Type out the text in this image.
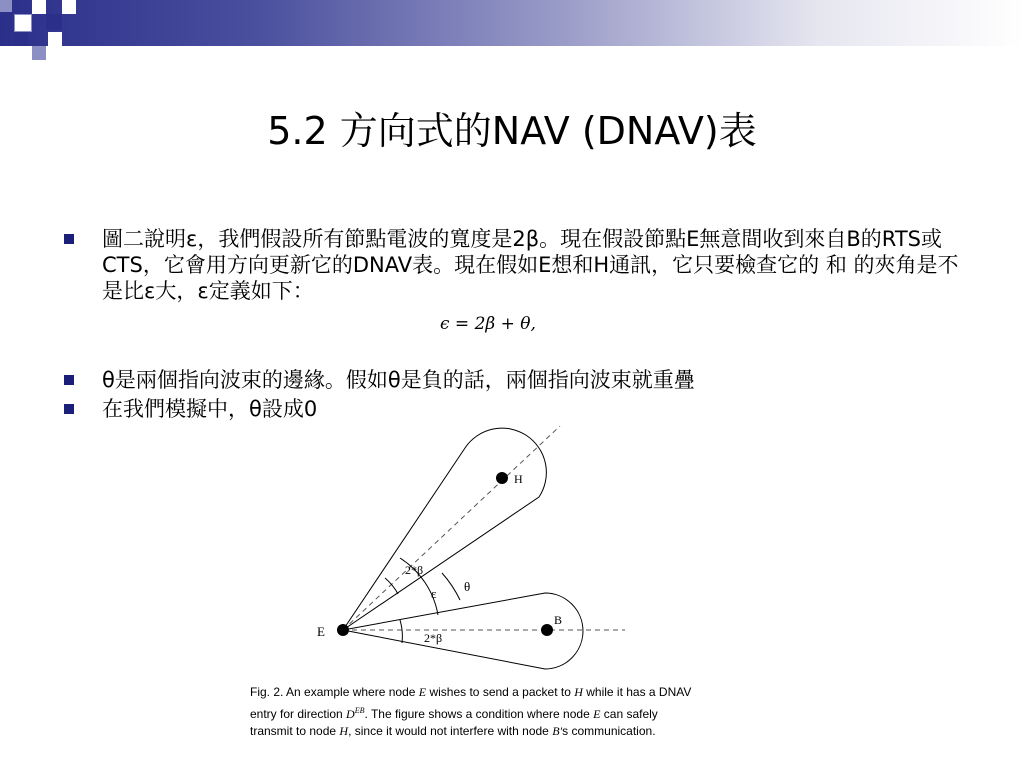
5.2 方向式的NAV (DNAV)表
圖二說明ε，我們假設所有節點電波的寬度是2β。現在假設節點E無意間收到來自B的RTS或CTS，它會用方向更新它的DNAV表。現在假如E想和H通訊，它只要檢查它的 和 的夾角是不是比ε大，ε定義如下：
ϵ = 2β + θ,
θ是兩個指向波束的邊緣。假如θ是負的話，兩個指向波束就重疊
在我們模擬中，θ設成0
E
H
B
2*β
ε θ
2*β
Fig. 2. An example where node E wishes to send a packet to H while it has a DNAV entry for direction $D^{EB}$. The figure shows a condition where node E can safely transmit to node H, since it would not interfere with node B′s communication.
